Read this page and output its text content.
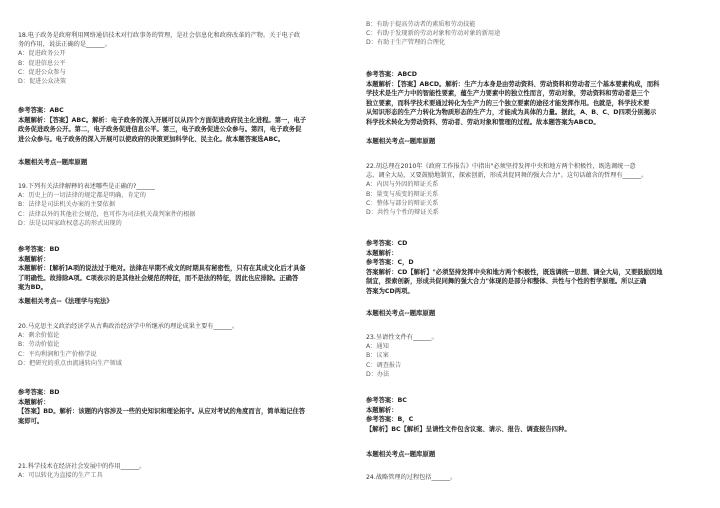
18.电子政务是政府利用网络通信技术对行政事务的管理，是社会信息化和政府改革的产物。关于电子政
务的作用，说法正确的是______。
A：促进政务公开
B：促进信息公平
C：促进公众参与
D：促进公众决策
参考答案：ABC
本题解析：【答案】ABC。解析：电子政务的深入开展可以从四个方面促进政府民主化进程。第一，电子
政务促进政务公开。第二，电子政务促进信息公平。第三，电子政务促进公众参与。第四，电子政务促
进公众参与。电子政务的深入开展可以使政府的决策更加科学化、民主化。故本题答案选ABC。
本题相关考点--题库原题
19.下列有关法律解释的表述哪些是正确的?______
A：历史上的一切法律的规定都是明确、肯定的
B：法律是司法机关办案的主要依据
C：法律以外的其他社会规范，也可作为司法机关裁判案件的根据
D：法是以国家政权意志的形式出现的
参考答案：BD
本题解析：
本题解析：[解析]A项的说法过于绝对。法律在早期不成文的时期具有秘密性，只有在其成文化后才具备
了明确性。故排除A项。C项表示的是其他社会规范的特征，而不是法的特征，因此也应排除。正确答
案为BD。
本题相关考点--《法理学与宪法》
20.马克思主义政治经济学从古典政治经济学中所继承的理论成果主要有______。
A：剩余价值论
B：劳动价值论
C：平均利润和生产价格学说
D：把研究的重点由流通转向生产领域
参考答案：BD
本题解析：
【答案】BD。解析：该题的内容涉及一些的史知识和理论拓宇。从应对考试的角度而言，简单地记住答
案即可。
21.科学技术在经济社会发展中的作用______。
A：可以转化为直接的生产工具
B：有助于提高劳动者的素质和劳动技能
C：有助于发现新的劳动对象和劳动对象的新用途
D：有助于生产管理的合理化
参考答案：ABCD
本题解析：【答案】ABCD。解析：生产力本身是由劳动资料、劳动资料和劳动者三个基本要素构成，而科
学技术是生产力中的智能性要素，蕴生产力要素中的独立性而言，劳动对象，劳动资料和劳动者是三个
独立要素，而科学技术要通过转化为生产力的三个独立要素的途径才能发挥作用。也就是，科学技术要
从知识形态的生产力转化为物质形态的生产力，才能成为具体的力量。据此，A、B、C、D四项分别揭示
科学技术转化为劳动资料、劳动者、劳动对象和管理的过程。故本题答案为ABCD。
本题相关考点--题库原题
22.胡总理在2010年《政府工作报告》中指出"必须坚持发挥中央和地方两个积极性，既选调统一意
志、调全大局，又要鼓励地制宜，探索创新，形成共促同舞的强大合力"。这句话蕴含的哲理有______。
A：内因与外因的辩证关系
B：量变与质变的辩证关系
C：整体与部分的辩证关系
D：共性与个性的辩证关系
参考答案：CD
本题解析：
参考答案：C，D
答案解析：CD【解析】"必须坚持发挥中央和地方两个积极性，既选调统一思想、调全大局，又要鼓励因地
制宜，探索创新，形成共促同舞的强大合力"体现的是部分和整体、共性与个性的哲学原理。所以正确
答案为CD两项。
本题相关考点--题库原题
23.呈请性文件有______。
A：通知
B：议案
C：调查报告
D：办法
参考答案：BC
本题解析：
参考答案：B，C
【解析】BC【解析】呈请性文件包含议案、请示、报告、调查报告四种。
本题相关考点--题库原题
24.战略管理的过程包括______。
